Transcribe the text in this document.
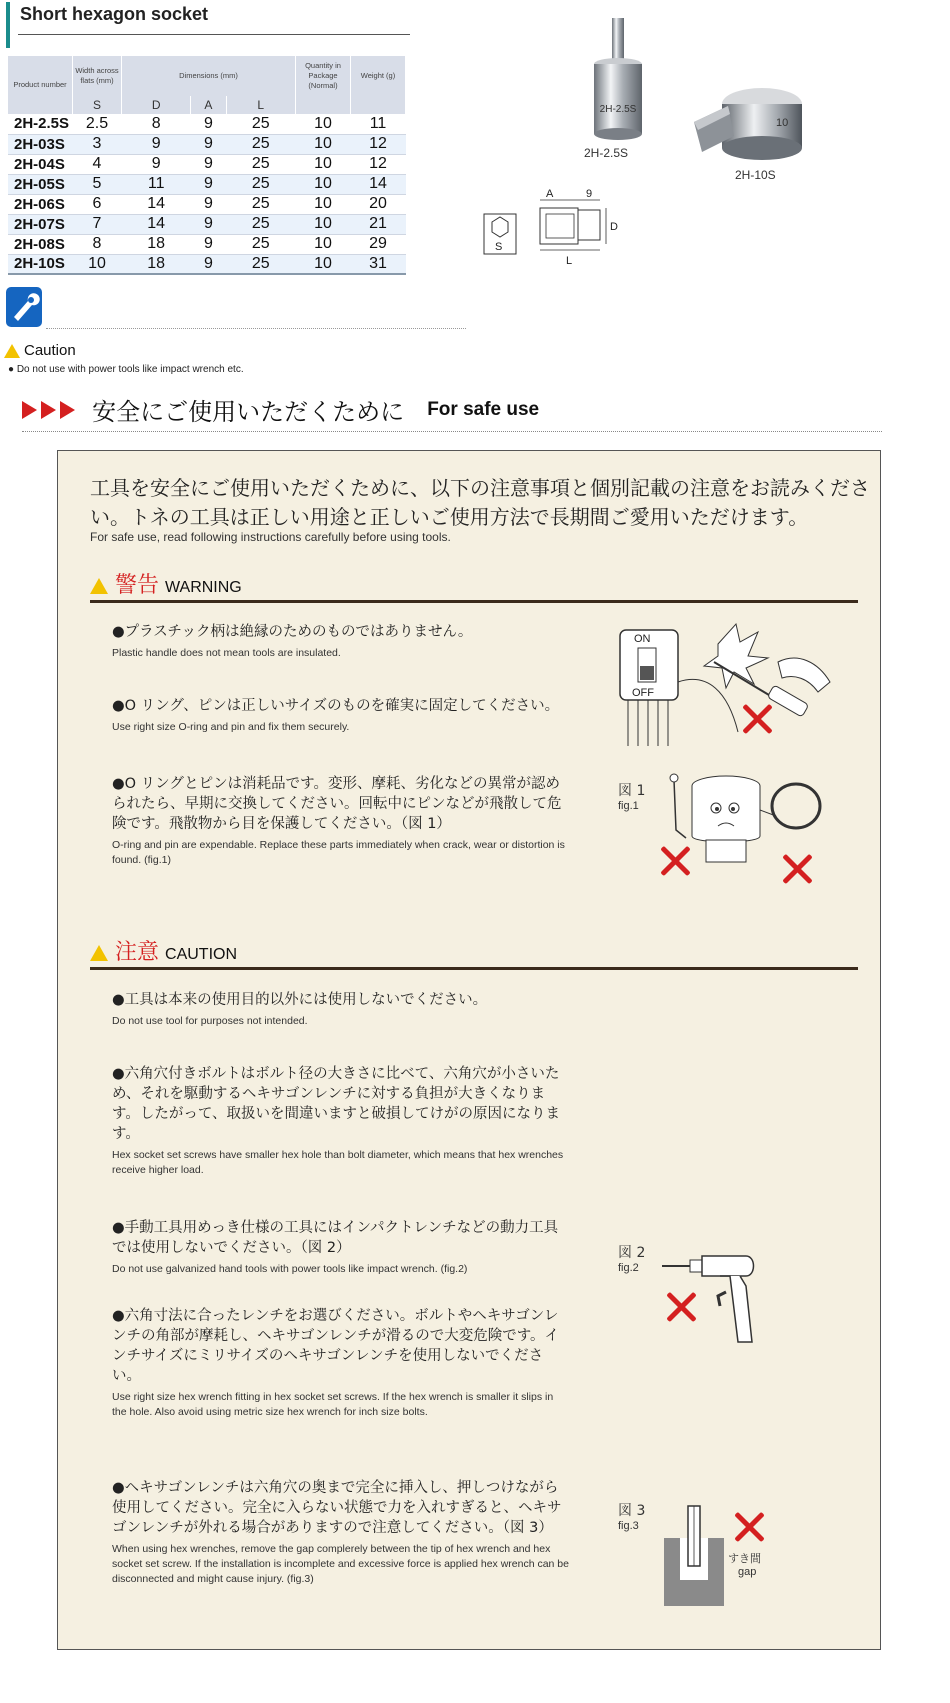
Short hexagon socket
Product number	Width across flats (mm)	Dimensions (mm)			Quantity in Package (Normal)	Weight (g)
	S	D	A	L		
2H-2.5S	2.5	8	9	25	10	11
2H-03S	3	9	9	25	10	12
2H-04S	4	9	9	25	10	12
2H-05S	5	11	9	25	10	14
2H-06S	6	14	9	25	10	20
2H-07S	7	14	9	25	10	21
2H-08S	8	18	9	25	10	29
2H-10S	10	18	9	25	10	31
2H-2.5S
2H-2.5S
10
2H-10S
A	9
D
L
S
Caution
● Do not use with power tools like impact wrench etc.
安全にご使用いただくために For safe use
工具を安全にご使用いただくために、以下の注意事項と個別記載の注意をお読みください。トネの工具は正しい用途と正しいご使用方法で長期間ご愛用いただけます。
For safe use, read following instructions carefully before using tools.
警告 WARNING
●プラスチック柄は絶縁のためのものではありません。
Plastic handle does not mean tools are insulated.
●O リング、ピンは正しいサイズのものを確実に固定してください。
Use right size O-ring and pin and fix them securely.
●O リングとピンは消耗品です。変形、摩耗、劣化などの異常が認められたら、早期に交換してください。回転中にピンなどが飛散して危険です。飛散物から目を保護してください。（図 1）
O-ring and pin are expendable. Replace these parts immediately when crack, wear or distortion is found. (fig.1)
ON
OFF
図 1
fig.1
注意 CAUTION
●工具は本来の使用目的以外には使用しないでください。
Do not use tool for purposes not intended.
●六角穴付きボルトはボルト径の大きさに比べて、六角穴が小さいため、それを駆動するヘキサゴンレンチに対する負担が大きくなります。したがって、取扱いを間違いますと破損してけがの原因になります。
Hex socket set screws have smaller hex hole than bolt diameter, which means that hex wrenches receive higher load.
●手動工具用めっき仕様の工具にはインパクトレンチなどの動力工具では使用しないでください。（図 2）
Do not use galvanized hand tools with power tools like impact wrench. (fig.2)
●六角寸法に合ったレンチをお選びください。ボルトやヘキサゴンレンチの角部が摩耗し、ヘキサゴンレンチが滑るので大変危険です。インチサイズにミリサイズのヘキサゴンレンチを使用しないでください。
Use right size hex wrench fitting in hex socket set screws. If the hex wrench is smaller it slips in the hole. Also avoid using metric size hex wrench for inch size bolts.
●ヘキサゴンレンチは六角穴の奥まで完全に挿入し、押しつけながら使用してください。完全に入らない状態で力を入れすぎると、ヘキサゴンレンチが外れる場合がありますので注意してください。（図 3）
When using hex wrenches, remove the gap complerely between the tip of hex wrench and hex socket set screw. If the installation is incomplete and excessive force is applied hex wrench can be disconnected and might cause injury. (fig.3)
図 2
fig.2
図 3
fig.3
すき間
gap
